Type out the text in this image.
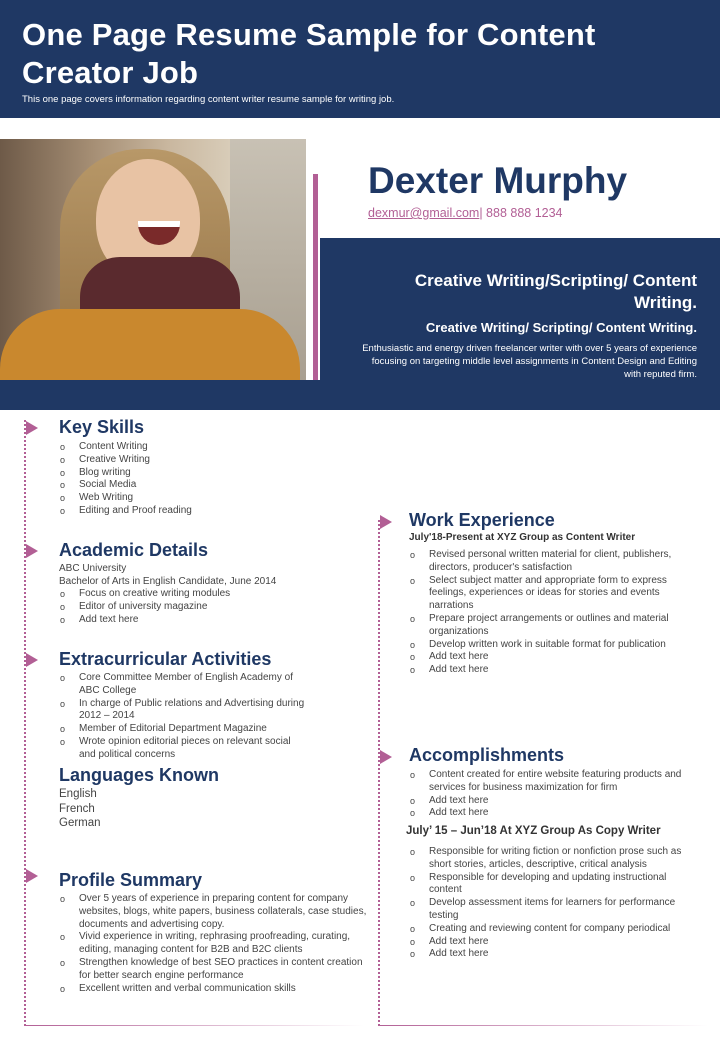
One Page Resume Sample for Content Creator Job

This one page covers information regarding content writer resume sample for writing job.

Dexter Murphy
dexmur@gmail.com| 888 888 1234
Creative Writing/Scripting/ Content Writing.
Creative Writing/ Scripting/ Content Writing.
Enthusiastic and energy driven freelancer writer with over 5 years of experience focusing on targeting middle level assignments in Content Design and Editing with reputed firm.
Key Skills
o Content Writing
o Creative Writing
o Blog writing
o Social Media
o Web Writing
o Editing and Proof reading
Academic Details
ABC University
Bachelor of Arts in English Candidate, June 2014
o Focus on creative writing modules
o Editor of university magazine
o Add text here
Extracurricular Activities
o Core Committee Member of English Academy of ABC College
o In charge of Public relations and Advertising during 2012 – 2014
o Member of Editorial Department Magazine
o Wrote opinion editorial pieces on relevant social and political concerns
Languages Known
English
French
German
Profile Summary
o Over 5 years of experience in preparing content for company websites, blogs, white papers, business collaterals, case studies, documents and advertising copy.
o Vivid experience in writing, rephrasing proofreading, curating, editing, managing content for B2B and B2C clients
o Strengthen knowledge of best SEO practices in content creation for better search engine performance
o Excellent written and verbal communication skills
Work Experience
July'18-Present at XYZ Group as Content Writer
o Revised personal written material for client, publishers, directors, producer's satisfaction
o Select subject matter and appropriate form to express feelings, experiences or ideas for stories and events narrations
o Prepare project arrangements or outlines and material organizations
o Develop written work in suitable format for publication
o Add text here
o Add text here
Accomplishments
o Content created for entire website featuring products and services for business maximization for firm
o Add text here
o Add text here
July’ 15 – Jun’18 At XYZ Group As Copy Writer
o Responsible for writing fiction or nonfiction prose such as short stories, articles, descriptive, critical analysis
o Responsible for developing and updating instructional content
o Develop assessment items for learners for performance testing
o Creating and reviewing content for company periodical
o Add text here
o Add text here
